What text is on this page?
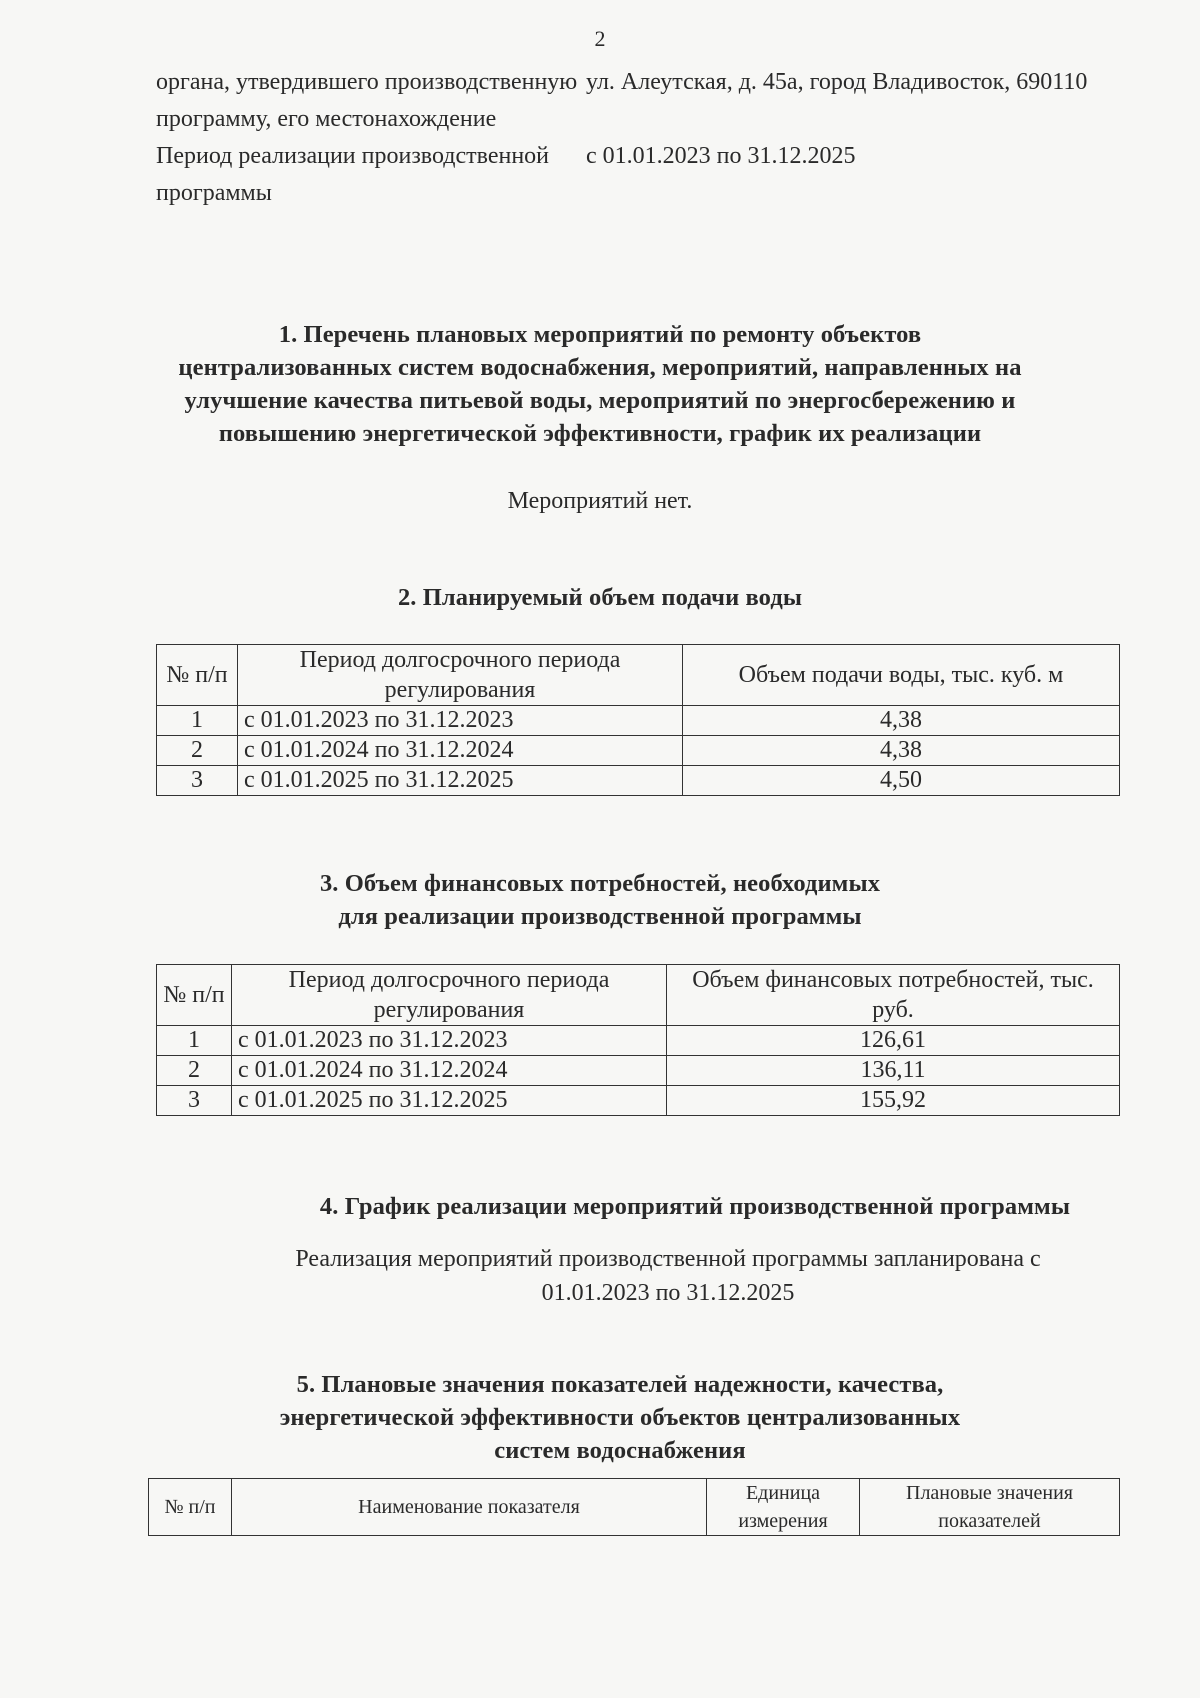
2
органа, утвердившего производственную программу, его местонахождение
ул. Алеутская, д. 45а, город Владивосток, 690110
Период реализации производственной программы
с 01.01.2023 по 31.12.2025
1. Перечень плановых мероприятий по ремонту объектов
централизованных систем водоснабжения, мероприятий, направленных на
улучшение качества питьевой воды, мероприятий по энергосбережению и
повышению энергетической эффективности, график их реализации
Мероприятий нет.
2. Планируемый объем подачи воды
№ п/п	Период долгосрочного периода регулирования	Объем подачи воды, тыс. куб. м
1	с 01.01.2023 по 31.12.2023	4,38
2	с 01.01.2024 по 31.12.2024	4,38
3	с 01.01.2025 по 31.12.2025	4,50
3. Объем финансовых потребностей, необходимых
для реализации производственной программы
№ п/п	Период долгосрочного периода регулирования	Объем финансовых потребностей, тыс. руб.
1	с 01.01.2023 по 31.12.2023	126,61
2	с 01.01.2024 по 31.12.2024	136,11
3	с 01.01.2025 по 31.12.2025	155,92
4. График реализации мероприятий производственной программы
Реализация мероприятий производственной программы запланирована с
01.01.2023 по 31.12.2025
5. Плановые значения показателей надежности, качества,
энергетической эффективности объектов централизованных
систем водоснабжения
№ п/п	Наименование показателя	Единица измерения	Плановые значения показателей
